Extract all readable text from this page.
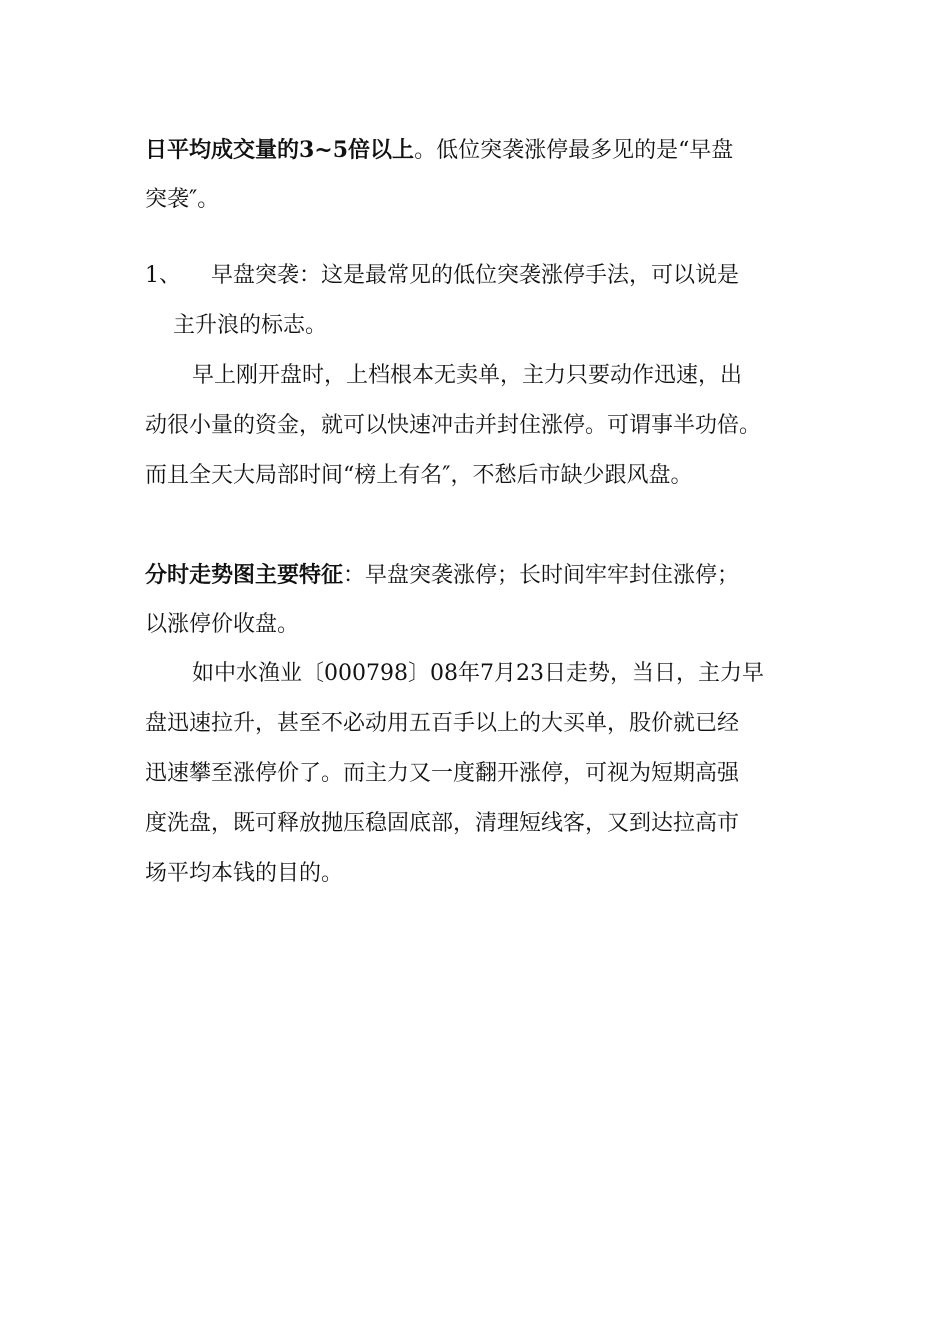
日平均成交量的3~5倍以上。低位突袭涨停最多见的是“早盘
突袭″。
1、 早盘突袭：这是最常见的低位突袭涨停手法，可以说是
主升浪的标志。
早上刚开盘时，上档根本无卖单，主力只要动作迅速，出
动很小量的资金，就可以快速冲击并封住涨停。可谓事半功倍。
而且全天大局部时间“榜上有名″，不愁后市缺少跟风盘。
分时走势图主要特征：早盘突袭涨停；长时间牢牢封住涨停；
以涨停价收盘。
如中水渔业〔000798〕08年7月23日走势，当日，主力早
盘迅速拉升，甚至不必动用五百手以上的大买单，股价就已经
迅速攀至涨停价了。而主力又一度翻开涨停，可视为短期高强
度洗盘，既可释放抛压稳固底部，清理短线客，又到达拉高市
场平均本钱的目的。
